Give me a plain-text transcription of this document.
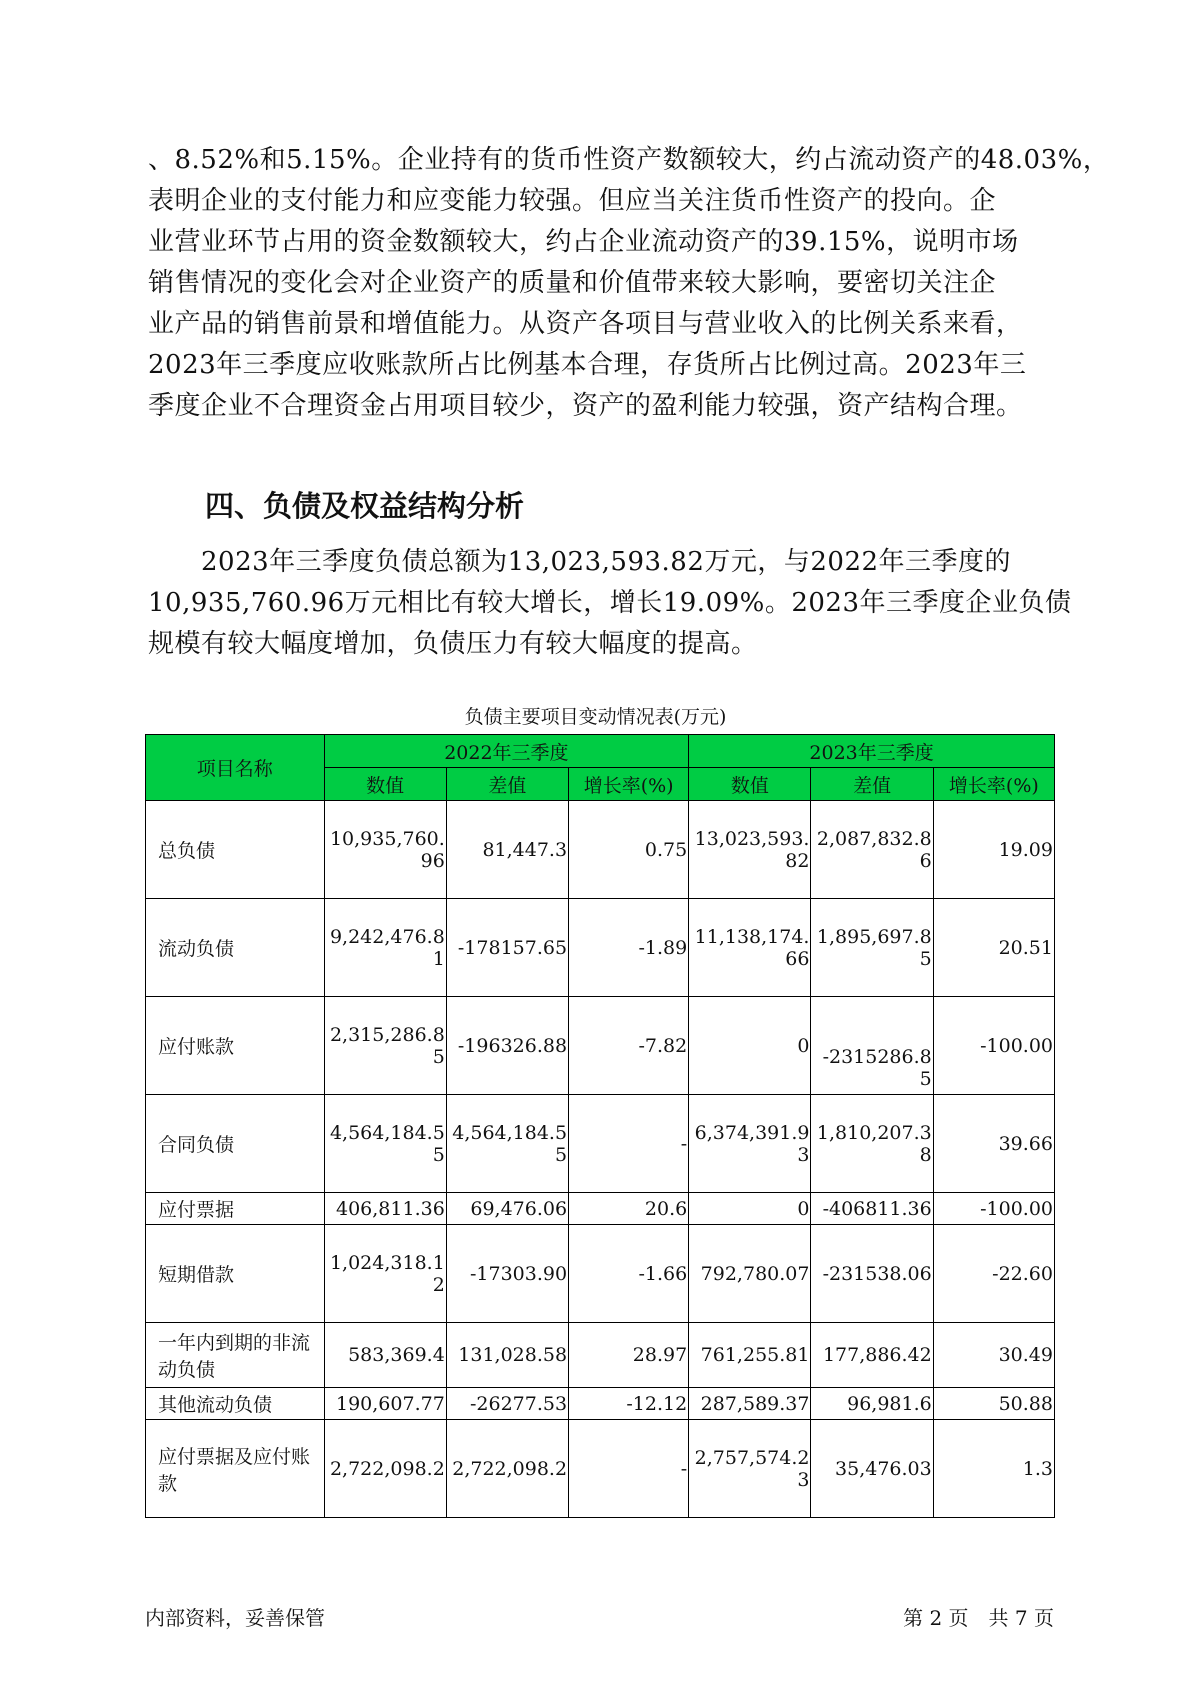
、8.52%和5.15%。企业持有的货币性资产数额较大，约占流动资产的48.03%，

表明企业的支付能力和应变能力较强。但应当关注货币性资产的投向。企

业营业环节占用的资金数额较大，约占企业流动资产的39.15%，说明市场

销售情况的变化会对企业资产的质量和价值带来较大影响，要密切关注企

业产品的销售前景和增值能力。从资产各项目与营业收入的比例关系来看，

2023年三季度应收账款所占比例基本合理，存货所占比例过高。2023年三

季度企业不合理资金占用项目较少，资产的盈利能力较强，资产结构合理。

四、负债及权益结构分析

　　2023年三季度负债总额为13,023,593.82万元，与2022年三季度的

10,935,760.96万元相比有较大增长，增长19.09%。2023年三季度企业负债

规模有较大幅度增加，负债压力有较大幅度的提高。

负债主要项目变动情况表(万元)

项目名称	2022年三季度			2023年三季度		
	数值	差值	增长率(%)	数值	差值	增长率(%)
总负债	10,935,760.96	81,447.3	0.75	13,023,593.82	2,087,832.86	19.09
流动负债	9,242,476.81	-178157.65	-1.89	11,138,174.66	1,895,697.85	20.51
应付账款	2,315,286.85	-196326.88	-7.82	0	-2315286.85	-100.00
合同负债	4,564,184.55	4,564,184.55	-	6,374,391.93	1,810,207.38	39.66
应付票据	406,811.36	69,476.06	20.6	0	-406811.36	-100.00
短期借款	1,024,318.12	-17303.90	-1.66	792,780.07	-231538.06	-22.60
一年内到期的非流动负债	583,369.4	131,028.58	28.97	761,255.81	177,886.42	30.49
其他流动负债	190,607.77	-26277.53	-12.12	287,589.37	96,981.6	50.88
应付票据及应付账款	2,722,098.2	2,722,098.2	-	2,757,574.23	35,476.03	1.3
内部资料，妥善保管	第 2 页　共 7 页
